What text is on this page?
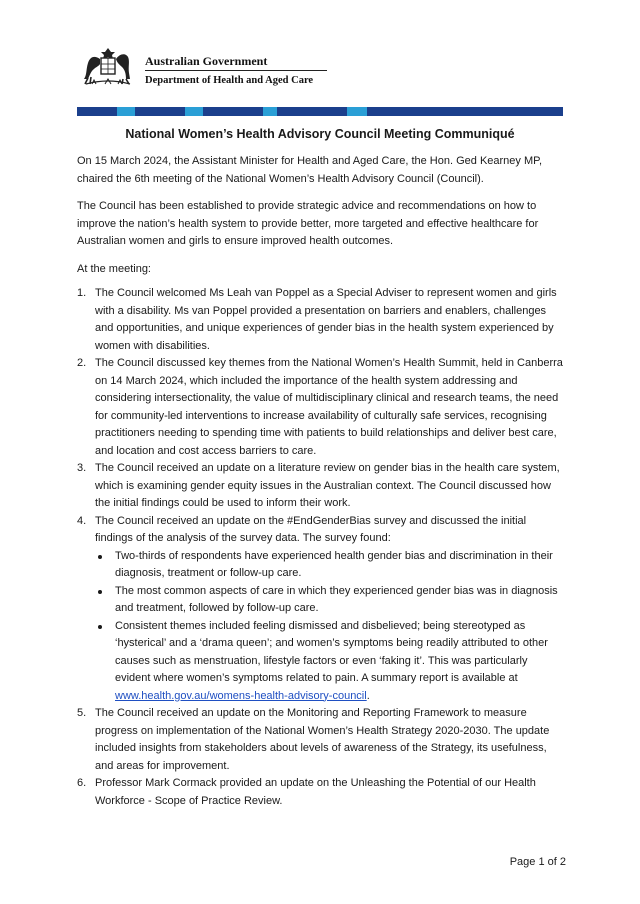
Australian Government
Department of Health and Aged Care
National Women’s Health Advisory Council Meeting Communiqué

On 15 March 2024, the Assistant Minister for Health and Aged Care, the Hon. Ged Kearney MP, chaired the 6th meeting of the National Women’s Health Advisory Council (Council).

The Council has been established to provide strategic advice and recommendations on how to improve the nation’s health system to provide better, more targeted and effective healthcare for Australian women and girls to ensure improved health outcomes.

At the meeting:

1. The Council welcomed Ms Leah van Poppel as a Special Adviser to represent women and girls with a disability. Ms van Poppel provided a presentation on barriers and enablers, challenges and opportunities, and unique experiences of gender bias in the health system experienced by women with disabilities.
2. The Council discussed key themes from the National Women’s Health Summit, held in Canberra on 14 March 2024, which included the importance of the health system addressing and considering intersectionality, the value of multidisciplinary clinical and research teams, the need for community-led interventions to increase availability of culturally safe services, recognising practitioners needing to spending time with patients to build relationships and deliver best care, and location and cost access barriers to care.
3. The Council received an update on a literature review on gender bias in the health care system, which is examining gender equity issues in the Australian context. The Council discussed how the initial findings could be used to inform their work.
4. The Council received an update on the #EndGenderBias survey and discussed the initial findings of the analysis of the survey data. The survey found:
Two-thirds of respondents have experienced health gender bias and discrimination in their diagnosis, treatment or follow-up care.
The most common aspects of care in which they experienced gender bias was in diagnosis and treatment, followed by follow-up care.
Consistent themes included feeling dismissed and disbelieved; being stereotyped as ‘hysterical’ and a ‘drama queen’; and women’s symptoms being readily attributed to other causes such as menstruation, lifestyle factors or even ‘faking it’. This was particularly evident where women’s symptoms related to pain. A summary report is available at www.health.gov.au/womens-health-advisory-council.
5. The Council received an update on the Monitoring and Reporting Framework to measure progress on implementation of the National Women’s Health Strategy 2020-2030. The update included insights from stakeholders about levels of awareness of the Strategy, its usefulness, and areas for improvement.
6. Professor Mark Cormack provided an update on the Unleashing the Potential of our Health Workforce - Scope of Practice Review.
Page 1 of 2
